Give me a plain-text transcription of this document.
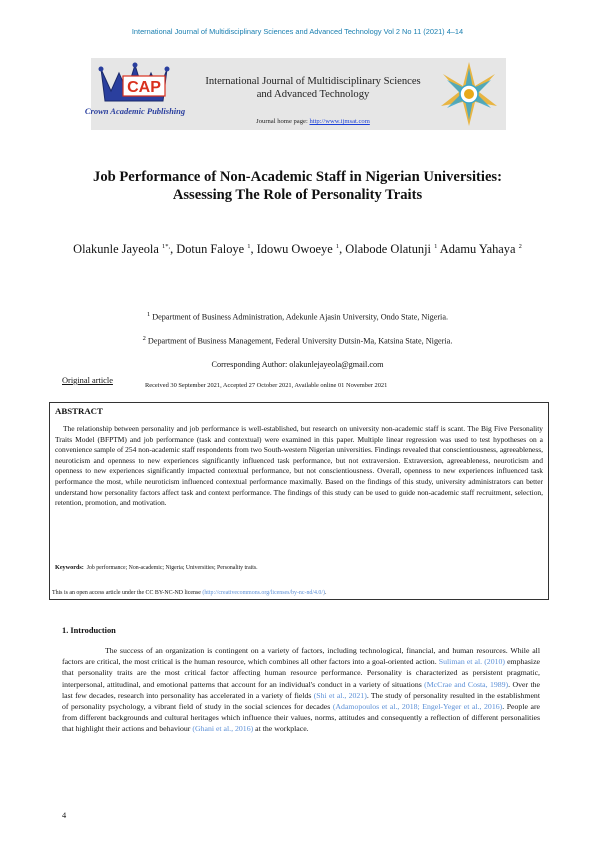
International Journal of Multidisciplinary Sciences and Advanced Technology Vol 2 No 11 (2021) 4–14
CAP
Crown Academic Publishing
International Journal of Multidisciplinary Sciences
and Advanced Technology
Journal home page: http://www.ijmsat.com
Job Performance of Non-Academic Staff in Nigerian Universities:
Assessing The Role of Personality Traits
Olakunle Jayeola $^{1*,}$, Dotun Faloye $^1$, Idowu Owoeye $^1$, Olabode Olatunji $^1$ Adamu Yahaya $^2$
$^1$ Department of Business Administration, Adekunle Ajasin University, Ondo State, Nigeria.
$^2$ Department of Business Management, Federal University Dutsin-Ma, Katsina State, Nigeria.
Corresponding Author: olakunlejayeola@gmail.com
Original article
Received 30 September 2021, Accepted 27 October 2021, Available online 01 November 2021
ABSTRACT

The relationship between personality and job performance is well-established, but research on university non-academic staff is scant. The Big Five Personality Traits Model (BFPTM) and job performance (task and contextual) were examined in this paper. Multiple linear regression was used to test hypotheses on a convenience sample of 254 non-academic staff respondents from two South-western Nigerian universities. Findings revealed that conscientiousness, agreeableness, neuroticism and openness to new experiences significantly influenced task performance, but not extraversion. Extraversion, agreeableness, neuroticism and openness to new experiences significantly impacted contextual performance, but not conscientiousness. Overall, openness to new experiences influenced task performance the most, while neuroticism influenced contextual performance maximally. Based on the findings of this study, university administrators can better understand how personality factors affect task and context performance. The findings of this study can be used to guide non-academic staff recruitment, selection, retention, promotion, and motivation.

Keywords: Job performance; Non-academic; Nigeria; Universities; Personality traits.
This is an open access article under the CC BY-NC-ND license (http://creativecommons.org/licenses/by-nc-nd/4.0/).
1. Introduction

The success of an organization is contingent on a variety of factors, including technological, financial, and human resources. While all factors are critical, the most critical is the human resource, which combines all other factors into a goal-oriented action. Suliman et al. (2010) emphasize that personality traits are the most critical factor affecting human resource performance. Personality is characterized as persistent pragmatic, interpersonal, attitudinal, and emotional patterns that account for an individual's conduct in a variety of situations (McCrae and Costa, 1989). Over the last few decades, research into personality has accelerated in a variety of fields (Shi et al., 2021). The study of personality resulted in the establishment of personality psychology, a vibrant field of study in the social sciences for decades (Adamopoulos et al., 2018; Engel-Yeger et al., 2016). People are from different backgrounds and cultural heritages which influence their values, norms, attitudes and consequently a reflection of different personalities that highlight their actions and behaviour (Ghani et al., 2016) at the workplace.

4
